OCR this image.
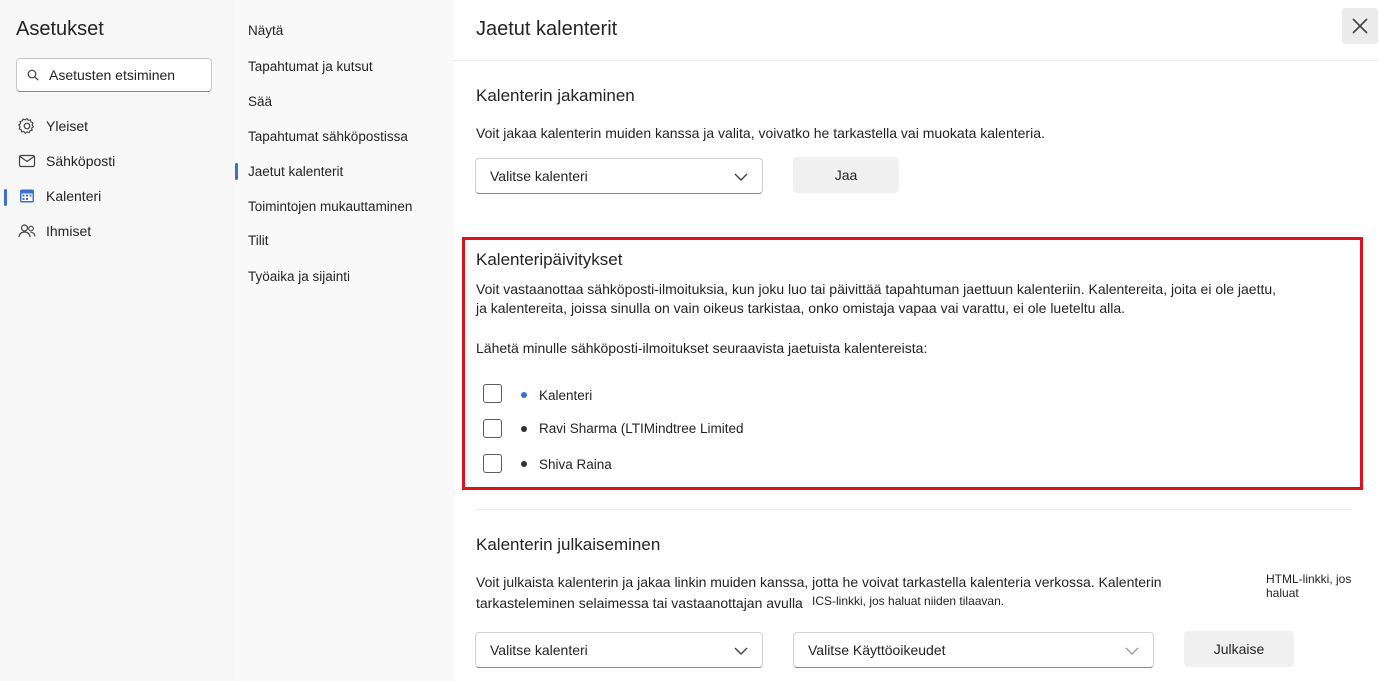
Asetukset
Asetusten etsiminen
Yleiset
Sähköposti
Kalenteri
Ihmiset
Näytä
Tapahtumat ja kutsut
Sää
Tapahtumat sähköpostissa
Jaetut kalenterit
Toimintojen mukauttaminen
Tilit
Työaika ja sijainti
Jaetut kalenterit
Kalenterin jakaminen
Voit jakaa kalenterin muiden kanssa ja valita, voivatko he tarkastella vai muokata kalenteria.
Valitse kalenteri	Jaa
Kalenteripäivitykset
Voit vastaanottaa sähköposti-ilmoituksia, kun joku luo tai päivittää tapahtuman jaettuun kalenteriin. Kalentereita, joita ei ole jaettu,
ja kalentereita, joissa sinulla on vain oikeus tarkistaa, onko omistaja vapaa vai varattu, ei ole lueteltu alla.
Lähetä minulle sähköposti-ilmoitukset seuraavista jaetuista kalentereista:
Kalenteri
Ravi Sharma (LTIMindtree Limited
Shiva Raina
Kalenterin julkaiseminen
Voit julkaista kalenterin ja jakaa linkin muiden kanssa, jotta he voivat tarkastella kalenteria verkossa. Kalenterin
tarkasteleminen selaimessa tai vastaanottajan avulla
HTML-linkki, jos haluat
ICS-linkki, jos haluat niiden tilaavan.
Valitse kalenteri	Valitse Käyttöoikeudet	Julkaise
